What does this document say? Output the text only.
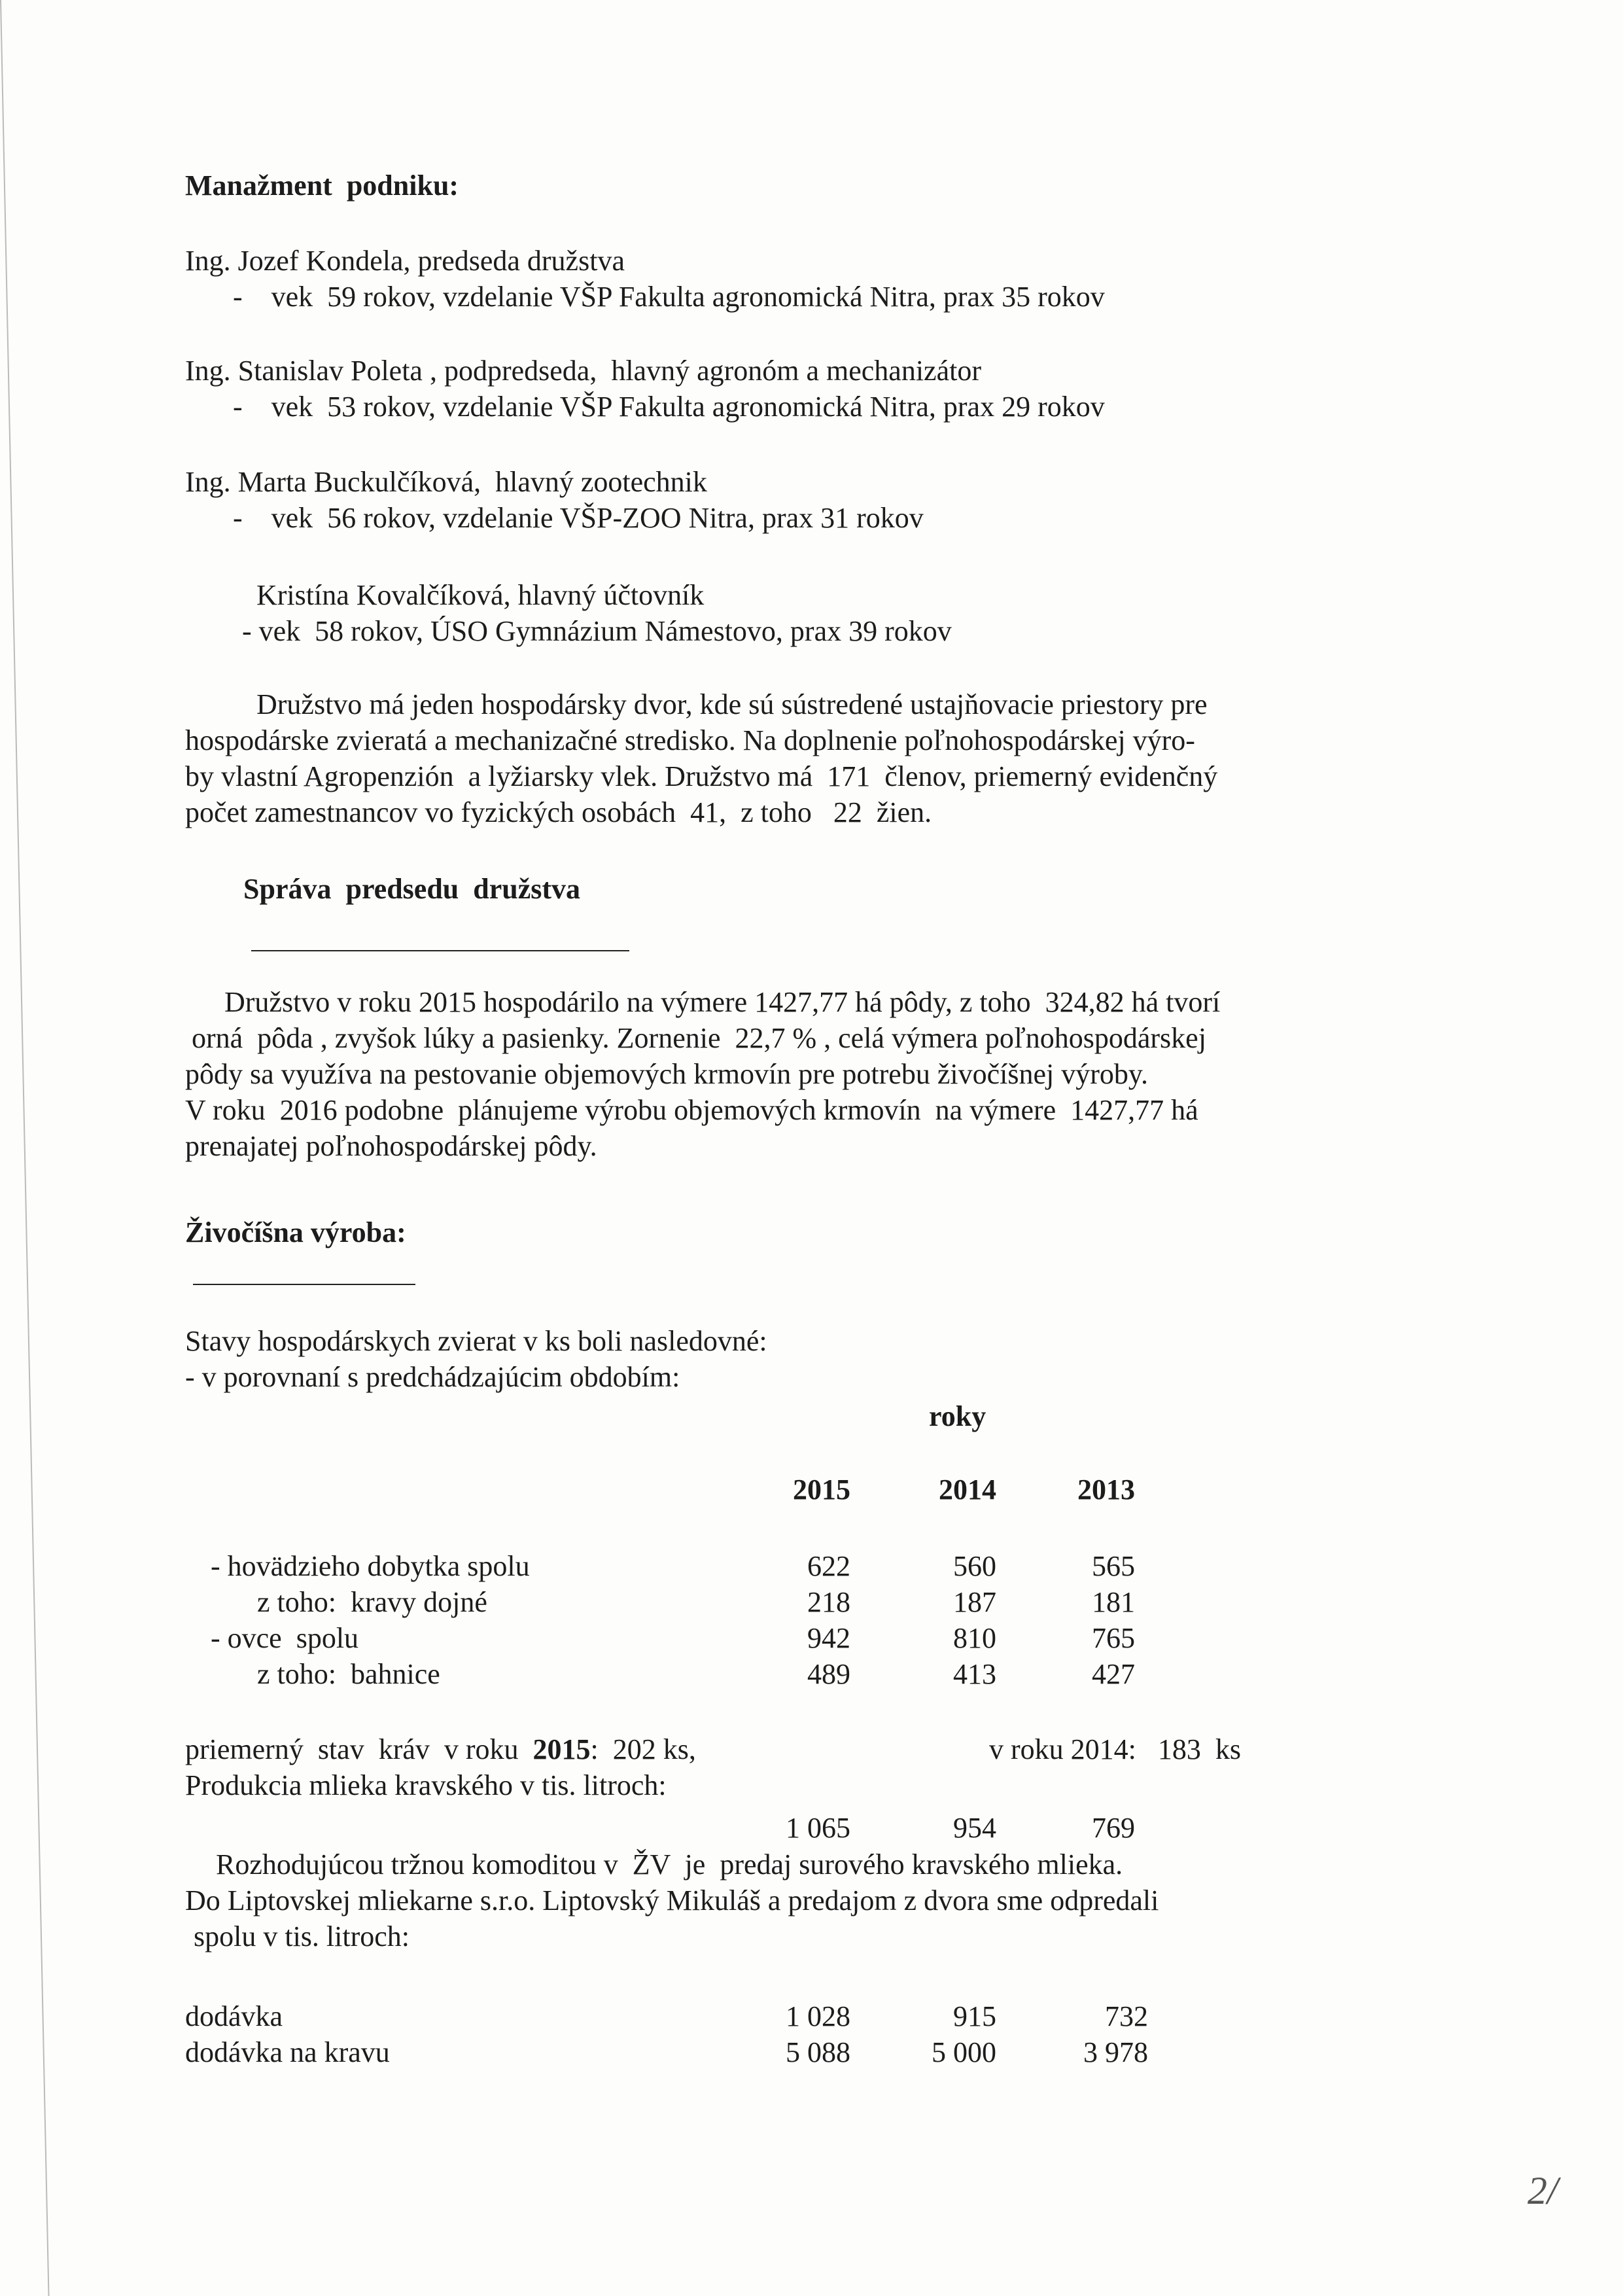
Manažment  podniku:
Ing. Jozef Kondela, predseda družstva
-    vek  59 rokov, vzdelanie VŠP Fakulta agronomická Nitra, prax 35 rokov
Ing. Stanislav Poleta , podpredseda,  hlavný agronóm a mechanizátor
-    vek  53 rokov, vzdelanie VŠP Fakulta agronomická Nitra, prax 29 rokov
Ing. Marta Buckulčíková,  hlavný zootechnik
-    vek  56 rokov, vzdelanie VŠP-ZOO Nitra, prax 31 rokov
Kristína Kovalčíková, hlavný účtovník
- vek  58 rokov, ÚSO Gymnázium Námestovo, prax 39 rokov
Družstvo má jeden hospodársky dvor, kde sú sústredené ustajňovacie priestory pre
hospodárske zvieratá a mechanizačné stredisko. Na doplnenie poľnohospodárskej výro-
by vlastní Agropenzión  a lyžiarsky vlek. Družstvo má  171  členov, priemerný evidenčný
počet zamestnancov vo fyzických osobách  41,  z toho   22  žien.
Správa  predsedu  družstva
Družstvo v roku 2015 hospodárilo na výmere 1427,77 há pôdy, z toho  324,82 há tvorí
orná  pôda , zvyšok lúky a pasienky. Zornenie  22,7 % , celá výmera poľnohospodárskej
pôdy sa využíva na pestovanie objemových krmovín pre potrebu živočíšnej výroby.
V roku  2016 podobne  plánujeme výrobu objemových krmovín  na výmere  1427,77 há
prenajatej poľnohospodárskej pôdy.
Živočíšna výroba:
Stavy hospodárskych zvierat v ks boli nasledovné:
- v porovnaní s predchádzajúcim obdobím:
roky
2015	2014	2013
- hovädzieho dobytka spolu	622	560	565
z toho:  kravy dojné	218	187	181
- ovce  spolu	942	810	765
z toho:  bahnice	489	413	427
priemerný  stav  kráv  v roku  2015:  202 ks,	v roku 2014:   183  ks
Produkcia mlieka kravského v tis. litroch:
1 065	954	769
Rozhodujúcou tržnou komoditou v  ŽV  je  predaj surového kravského mlieka.
Do Liptovskej mliekarne s.r.o. Liptovský Mikuláš a predajom z dvora sme odpredali
spolu v tis. litroch:
dodávka	1 028	915	732
dodávka na kravu	5 088	5 000	3 978
2/
